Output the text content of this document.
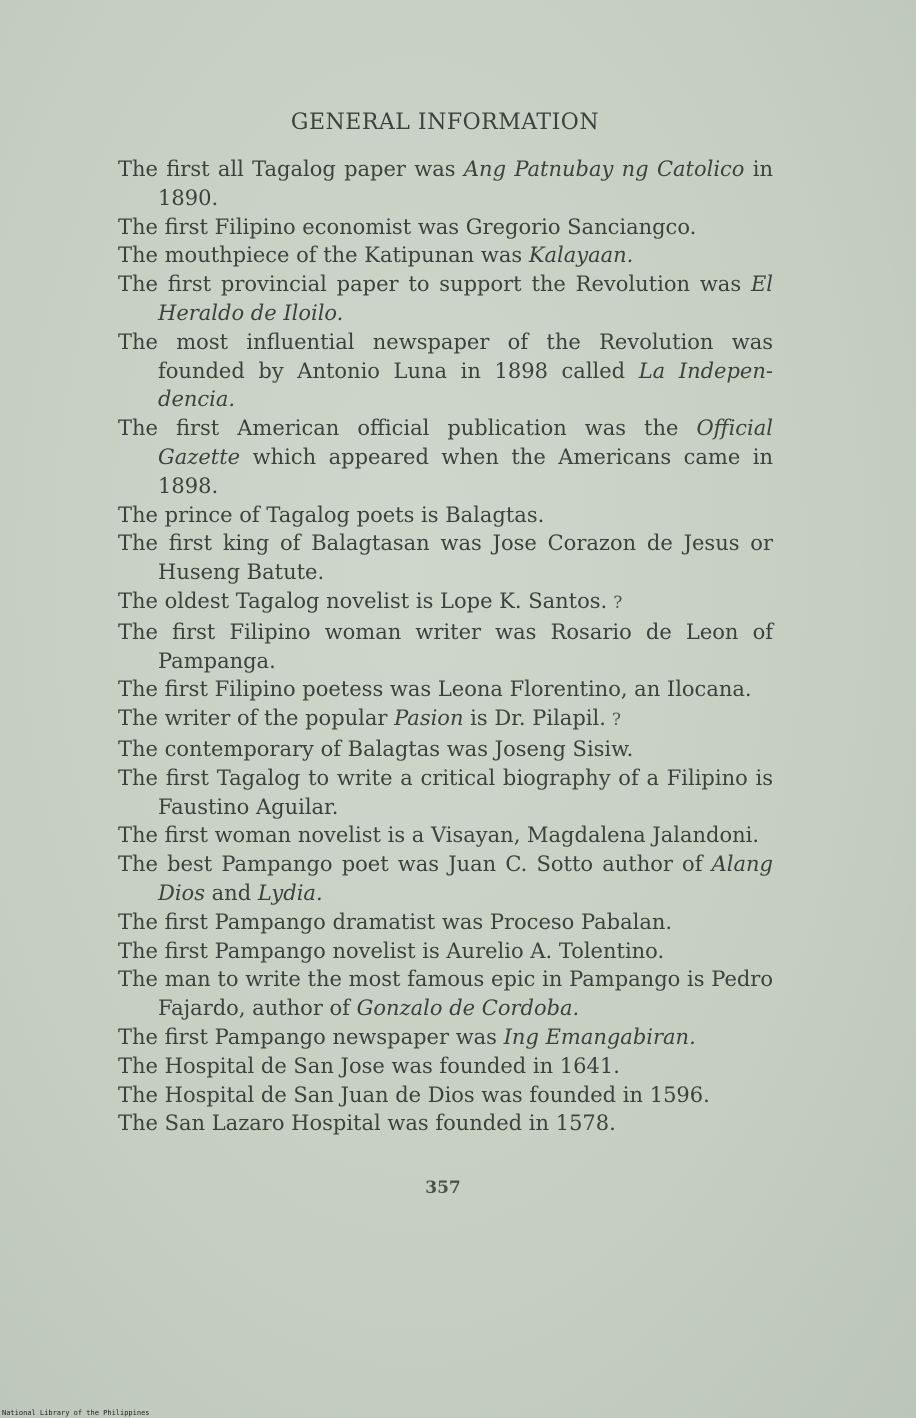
GENERAL INFORMATION

The first all Tagalog paper was Ang Patnubay ng Catolico in 1890.

The first Filipino economist was Gregorio Sanciangco.

The mouthpiece of the Katipunan was Kalayaan.

The first provincial paper to support the Revolution was El Heraldo de Iloilo.

The most influential newspaper of the Revolution was founded by Antonio Luna in 1898 called La Independencia.

The first American official publication was the Official Gazette which appeared when the Americans came in 1898.

The prince of Tagalog poets is Balagtas.

The first king of Balagtasan was Jose Corazon de Jesus or Huseng Batute.

The oldest Tagalog novelist is Lope K. Santos. ?

The first Filipino woman writer was Rosario de Leon of Pampanga.

The first Filipino poetess was Leona Florentino, an Ilocana.

The writer of the popular Pasion is Dr. Pilapil. ?

The contemporary of Balagtas was Joseng Sisiw.

The first Tagalog to write a critical biography of a Filipino is Faustino Aguilar.

The first woman novelist is a Visayan, Magdalena Jalandoni.

The best Pampango poet was Juan C. Sotto author of Alang Dios and Lydia.

The first Pampango dramatist was Proceso Pabalan.

The first Pampango novelist is Aurelio A. Tolentino.

The man to write the most famous epic in Pampango is Pedro Fajardo, author of Gonzalo de Cordoba.

The first Pampango newspaper was Ing Emangabiran.

The Hospital de San Jose was founded in 1641.

The Hospital de San Juan de Dios was founded in 1596.

The San Lazaro Hospital was founded in 1578.

357
National Library of the Philippines
